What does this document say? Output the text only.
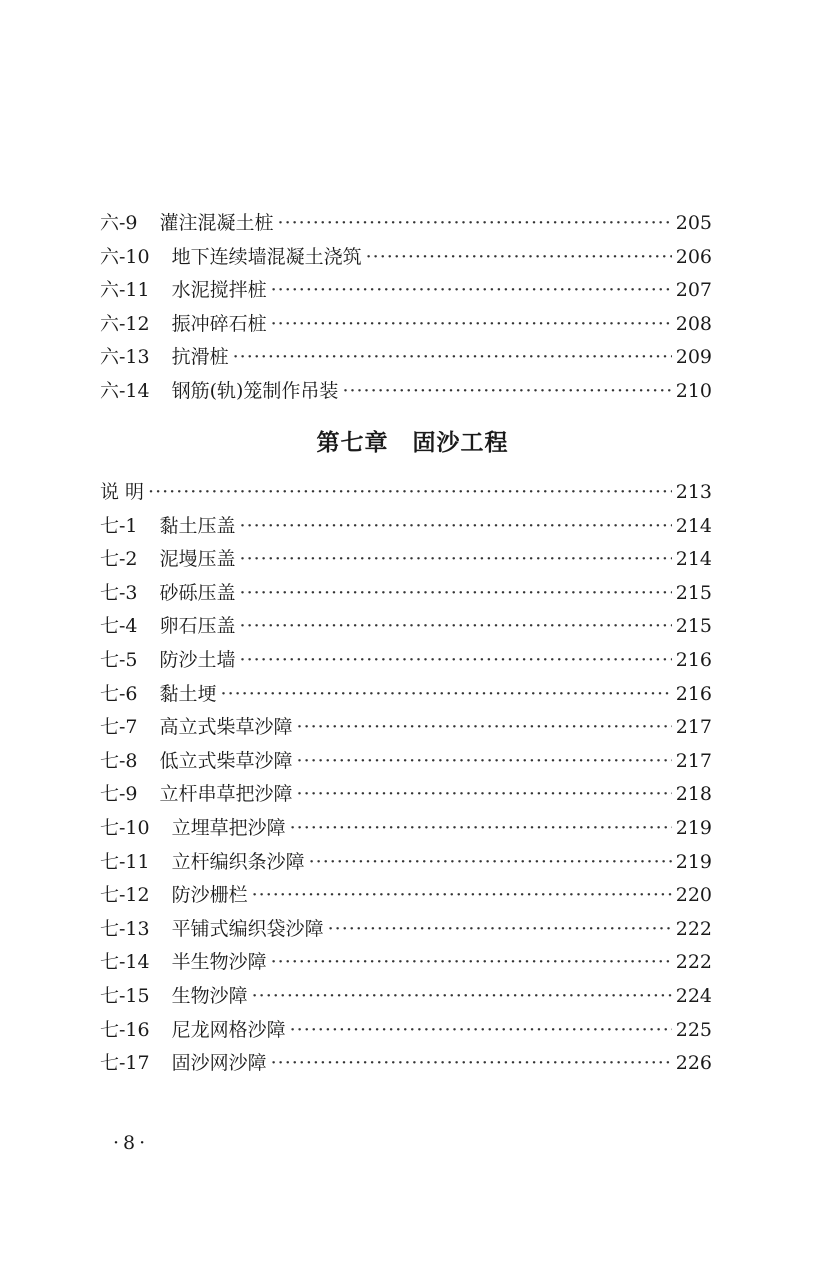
六-9 灌注混凝土桩 ·····	205
六-10 地下连续墙混凝土浇筑 ·····	206
六-11 水泥搅拌桩 ·····	207
六-12 振冲碎石桩 ·····	208
六-13 抗滑桩 ·····	209
六-14 钢筋(轨)笼制作吊装 ·····	210
第七章 固沙工程
说 明 ·····	213
七-1 黏土压盖 ·····	214
七-2 泥墁压盖 ·····	214
七-3 砂砾压盖 ·····	215
七-4 卵石压盖 ·····	215
七-5 防沙土墙 ·····	216
七-6 黏土埂 ·····	216
七-7 高立式柴草沙障 ·····	217
七-8 低立式柴草沙障 ·····	217
七-9 立杆串草把沙障 ·····	218
七-10 立埋草把沙障 ·····	219
七-11 立杆编织条沙障 ·····	219
七-12 防沙栅栏 ·····	220
七-13 平铺式编织袋沙障 ·····	222
七-14 半生物沙障 ·····	222
七-15 生物沙障 ·····	224
七-16 尼龙网格沙障 ·····	225
七-17 固沙网沙障 ·····	226
·8·
